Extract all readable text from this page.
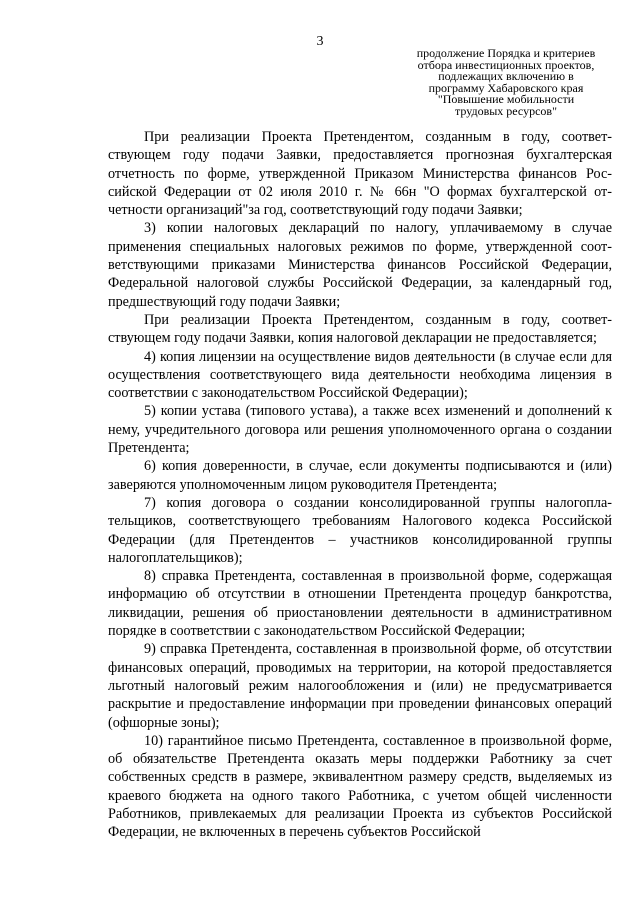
3
продолжение Порядка и критериев
отбора инвестиционных проектов,
подлежащих включению в
программу Хабаровского края
"Повышение мобильности
трудовых ресурсов"

При реализации Проекта Претендентом, созданным в году, соответствующем году подачи Заявки, предоставляется прогнозная бухгалтерская отчетность по форме, утвержденной Приказом Министерства финансов Российской Федерации от 02 июля 2010 г. № 66н "О формах бухгалтерской отчетности организаций"за год, соответствующий году подачи Заявки;

3) копии налоговых деклараций по налогу, уплачиваемому в случае применения специальных налоговых режимов по форме, утвержденной соответствующими приказами Министерства финансов Российской Федерации, Федеральной налоговой службы Российской Федерации, за календарный год, предшествующий году подачи Заявки;

При реализации Проекта Претендентом, созданным в году, соответствующем году подачи Заявки, копия налоговой декларации не предоставляется;

4) копия лицензии на осуществление видов деятельности (в случае если для осуществления соответствующего вида деятельности необходима лицензия в соответствии с законодательством Российской Федерации);

5) копии устава (типового устава), а также всех изменений и дополнений к нему, учредительного договора или решения уполномоченного органа о создании Претендента;

6) копия доверенности, в случае, если документы подписываются и (или) заверяются уполномоченным лицом руководителя Претендента;

7) копия договора о создании консолидированной группы налогоплательщиков, соответствующего требованиям Налогового кодекса Российской Федерации (для Претендентов – участников консолидированной группы налогоплательщиков);

8) справка Претендента, составленная в произвольной форме, содержащая информацию об отсутствии в отношении Претендента процедур банкротства, ликвидации, решения об приостановлении деятельности в административном порядке в соответствии с законодательством Российской Федерации;

9) справка Претендента, составленная в произвольной форме, об отсутствии финансовых операций, проводимых на территории, на которой предоставляется льготный налоговый режим налогообложения и (или) не предусматривается раскрытие и предоставление информации при проведении финансовых операций (офшорные зоны);

10) гарантийное письмо Претендента, составленное в произвольной форме, об обязательстве Претендента оказать меры поддержки Работнику за счет собственных средств в размере, эквивалентном размеру средств, выделяемых из краевого бюджета на одного такого Работника, с учетом общей численности Работников, привлекаемых для реализации Проекта из субъектов Российской Федерации, не включенных в перечень субъектов Российской
